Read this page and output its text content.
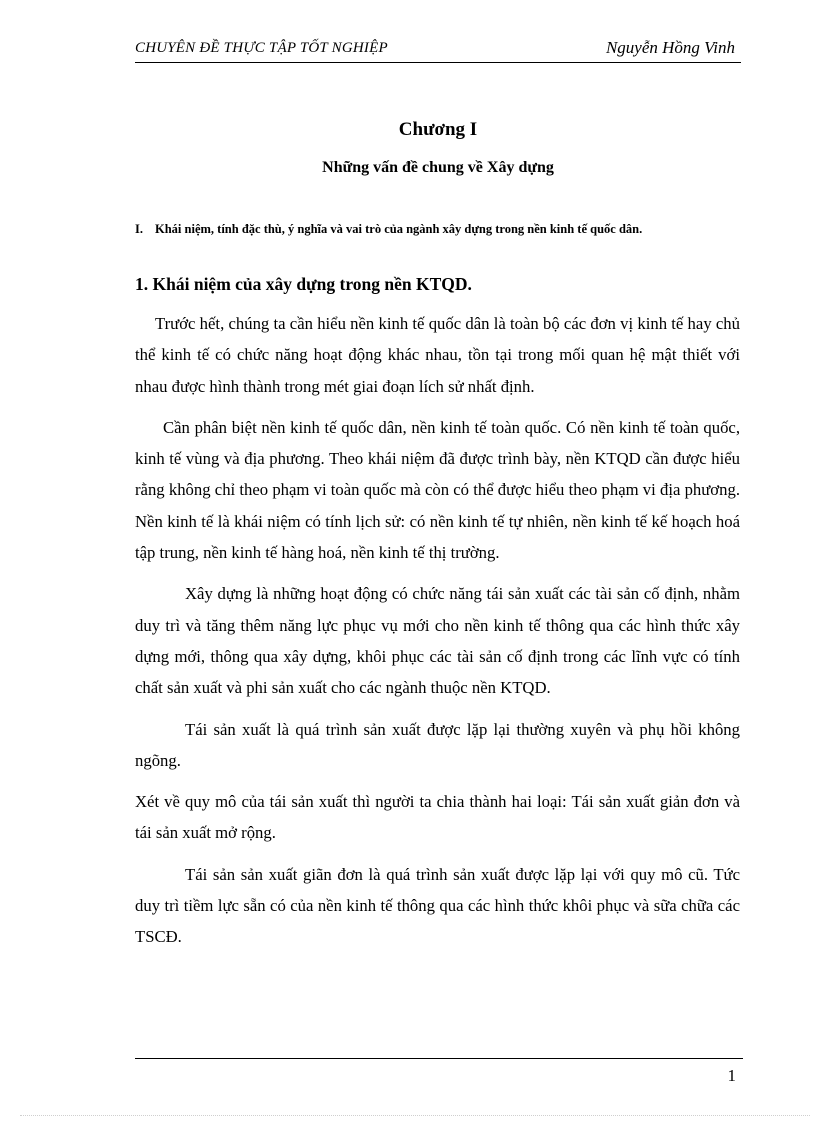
CHUYÊN ĐỀ THỰC TẬP TỐT NGHIỆP	Nguyễn Hồng Vinh
Chương I
Những vấn đề chung về Xây dựng
I. Khái niệm, tính đặc thù, ý nghĩa và vai trò của ngành xây dựng trong nền kinh tế quốc dân.
1. Khái niệm của xây dựng trong nền KTQD.

Trước hết, chúng ta cần hiểu nền kinh tế quốc dân là toàn bộ các đơn vị kinh tế hay chủ thể kinh tế có chức năng hoạt động khác nhau, tồn tại trong mối quan hệ mật thiết với nhau được hình thành trong mét giai đoạn lích sử nhất định.

Cần phân biệt nền kinh tế quốc dân, nền kinh tế toàn quốc. Có nền kinh tế toàn quốc, kinh tế vùng và địa phương. Theo khái niệm đã được trình bày, nền KTQD cần được hiểu rằng không chỉ theo phạm vi toàn quốc mà còn có thể được hiểu theo phạm vi địa phương. Nền kinh tế là khái niệm có tính lịch sử: có nền kinh tế tự nhiên, nền kinh tế kế hoạch hoá tập trung, nền kinh tế hàng hoá, nền kinh tế thị trường.

Xây dựng là những hoạt động có chức năng tái sản xuất các tài sản cố định, nhằm duy trì và tăng thêm năng lực phục vụ mới cho nền kinh tế thông qua các hình thức xây dựng mới, thông qua xây dựng, khôi phục các tài sản cố định trong các lĩnh vực có tính chất sản xuất và phi sản xuất cho các ngành thuộc nền KTQD.

Tái sản xuất là quá trình sản xuất được lặp lại thường xuyên và phụ hồi không ngõng.

Xét về quy mô của tái sản xuất thì người ta chia thành hai loại: Tái sản xuất giản đơn và tái sản xuất mở rộng.

Tái sản sản xuất giãn đơn là quá trình sản xuất được lặp lại với quy mô cũ. Tức duy trì tiềm lực sẵn có của nền kinh tế thông qua các hình thức khôi phục và sữa chữa các TSCĐ.

1
